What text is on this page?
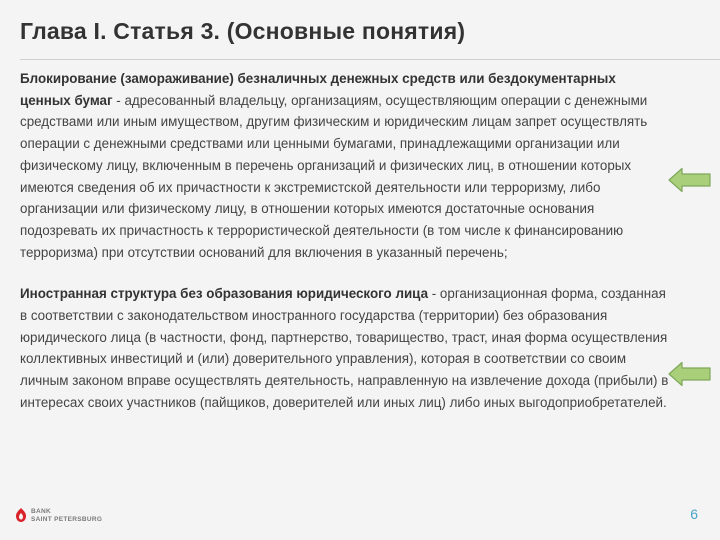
Глава I. Статья 3. (Основные понятия)

Блокирование (замораживание) безналичных денежных средств или бездокументарных ценных бумаг - адресованный владельцу, организациям, осуществляющим операции с денежными средствами или иным имуществом, другим физическим и юридическим лицам запрет осуществлять операции с денежными средствами или ценными бумагами, принадлежащими организации или физическому лицу, включенным в перечень организаций и физических лиц, в отношении которых имеются сведения об их причастности к экстремистской деятельности или терроризму, либо организации или физическому лицу, в отношении которых имеются достаточные основания подозревать их причастность к террористической деятельности (в том числе к финансированию терроризма) при отсутствии оснований для включения в указанный перечень;

Иностранная структура без образования юридического лица - организационная форма, созданная в соответствии с законодательством иностранного государства (территории) без образования юридического лица (в частности, фонд, партнерство, товарищество, траст, иная форма осуществления коллективных инвестиций и (или) доверительного управления), которая в соответствии со своим личным законом вправе осуществлять деятельность, направленную на извлечение дохода (прибыли) в интересах своих участников (пайщиков, доверителей или иных лиц) либо иных выгодоприобретателей.

BANK
SAINT PETERSBURG	6
